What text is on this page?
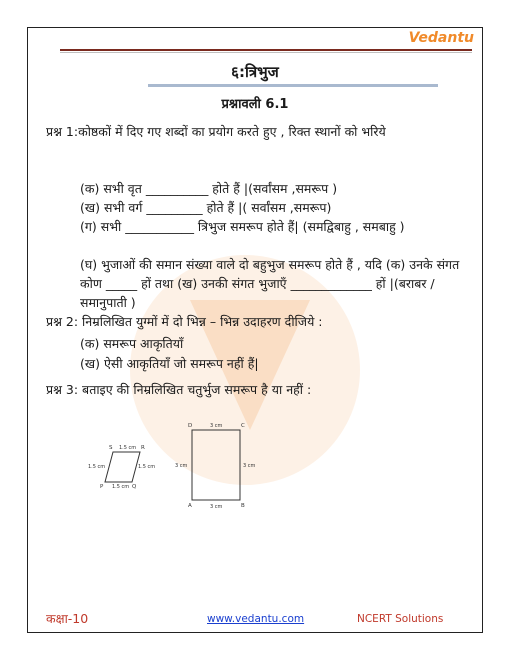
Vedantu
६:त्रिभुज
प्रश्नावली 6.1
प्रश्न 1:कोष्ठकों में दिए गए शब्दों का प्रयोग करते हुए , रिक्त स्थानों को भरिये
(क) सभी वृत __________ होते हैं |(सर्वांसम ,समरूप )
(ख) सभी वर्ग _________ होते हैं |( सर्वांसम ,समरूप)
(ग) सभी ___________ त्रिभुज समरूप होते हैं| (समद्विबाहु , समबाहु )
(घ) भुजाओं की समान संख्या वाले दो बहुभुज समरूप होते हैं , यदि (क) उनके संगत कोण _____ हों तथा (ख) उनकी संगत भुजाएँ _____________ हों |(बराबर / समानुपाती )
प्रश्न 2: निम्रलिखित युग्मों में दो भिन्न – भिन्न उदाहरण दीजिये :
(क) समरूप आकृतियाँ
(ख) ऐसी आकृतियाँ जो समरूप नहीं हैं|
प्रश्न 3: बताइए की निम्रलिखित चतुर्भुज समरूप है या नहीं :
S	R
P	Q
1.5 cm
1.5 cm	1.5 cm
1.5 cm
D	C
A	B
3 cm
3 cm	3 cm
3 cm
कक्षा-10	www.vedantu.com	NCERT Solutions
